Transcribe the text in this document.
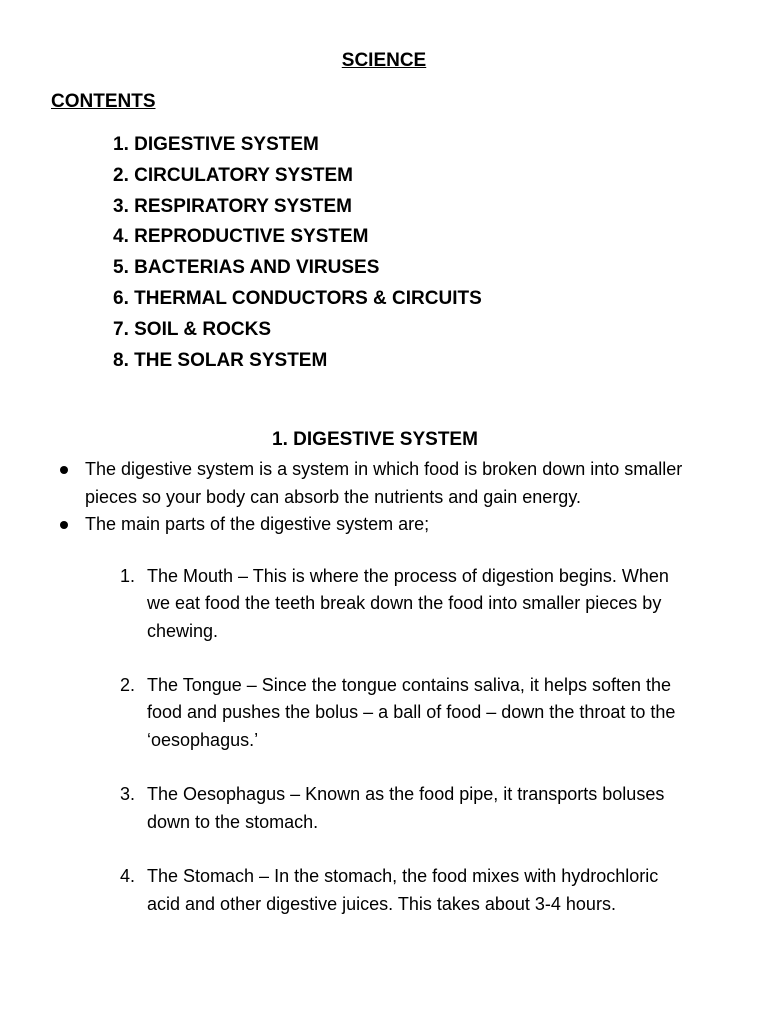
SCIENCE
CONTENTS
1. DIGESTIVE SYSTEM
2. CIRCULATORY SYSTEM
3. RESPIRATORY SYSTEM
4. REPRODUCTIVE SYSTEM
5. BACTERIAS AND VIRUSES
6. THERMAL CONDUCTORS & CIRCUITS
7. SOIL & ROCKS
8. THE SOLAR SYSTEM
1. DIGESTIVE SYSTEM
The digestive system is a system in which food is broken down into smaller pieces so your body can absorb the nutrients and gain energy.
The main parts of the digestive system are;
1. The Mouth – This is where the process of digestion begins. When we eat food the teeth break down the food into smaller pieces by chewing.
2. The Tongue – Since the tongue contains saliva, it helps soften the food and pushes the bolus – a ball of food – down the throat to the ‘oesophagus.’
3. The Oesophagus – Known as the food pipe, it transports boluses down to the stomach.
4. The Stomach – In the stomach, the food mixes with hydrochloric acid and other digestive juices. This takes about 3-4 hours.
